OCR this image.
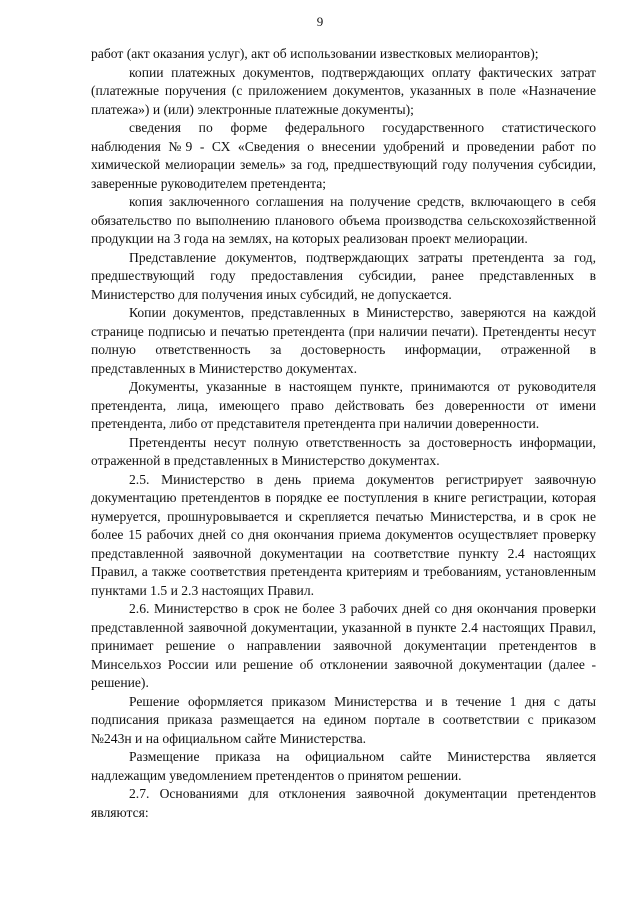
9

работ (акт оказания услуг), акт об использовании известковых мелиорантов);

копии платежных документов, подтверждающих оплату фактических затрат (платежные поручения (с приложением документов, указанных в поле «Назначение платежа») и (или) электронные платежные документы);

сведения по форме федерального государственного статистического наблюдения №9 - СХ «Сведения о внесении удобрений и проведении работ по химической мелиорации земель» за год, предшествующий году получения субсидии, заверенные руководителем претендента;

копия заключенного соглашения на получение средств, включающего в себя обязательство по выполнению планового объема производства сельскохозяйственной продукции на 3 года на землях, на которых реализован проект мелиорации.

Представление документов, подтверждающих затраты претендента за год, предшествующий году предоставления субсидии, ранее представленных в Министерство для получения иных субсидий, не допускается.

Копии документов, представленных в Министерство, заверяются на каждой странице подписью и печатью претендента (при наличии печати). Претенденты несут полную ответственность за достоверность информации, отраженной в представленных в Министерство документах.

Документы, указанные в настоящем пункте, принимаются от руководителя претендента, лица, имеющего право действовать без доверенности от имени претендента, либо от представителя претендента при наличии доверенности.

Претенденты несут полную ответственность за достоверность информации, отраженной в представленных в Министерство документах.

2.5. Министерство в день приема документов регистрирует заявочную документацию претендентов в порядке ее поступления в книге регистрации, которая нумеруется, прошнуровывается и скрепляется печатью Министерства, и в срок не более 15 рабочих дней со дня окончания приема документов осуществляет проверку представленной заявочной документации на соответствие пункту 2.4 настоящих Правил, а также соответствия претендента критериям и требованиям, установленным пунктами 1.5 и 2.3 настоящих Правил.

2.6. Министерство в срок не более 3 рабочих дней со дня окончания проверки представленной заявочной документации, указанной в пункте 2.4 настоящих Правил, принимает решение о направлении заявочной документации претендентов в Минсельхоз России или решение об отклонении заявочной документации (далее - решение).

Решение оформляется приказом Министерства и в течение 1 дня с даты подписания приказа размещается на едином портале в соответствии с приказом №243н и на официальном сайте Министерства.

Размещение приказа на официальном сайте Министерства является надлежащим уведомлением претендентов о принятом решении.

2.7. Основаниями для отклонения заявочной документации претендентов являются:
